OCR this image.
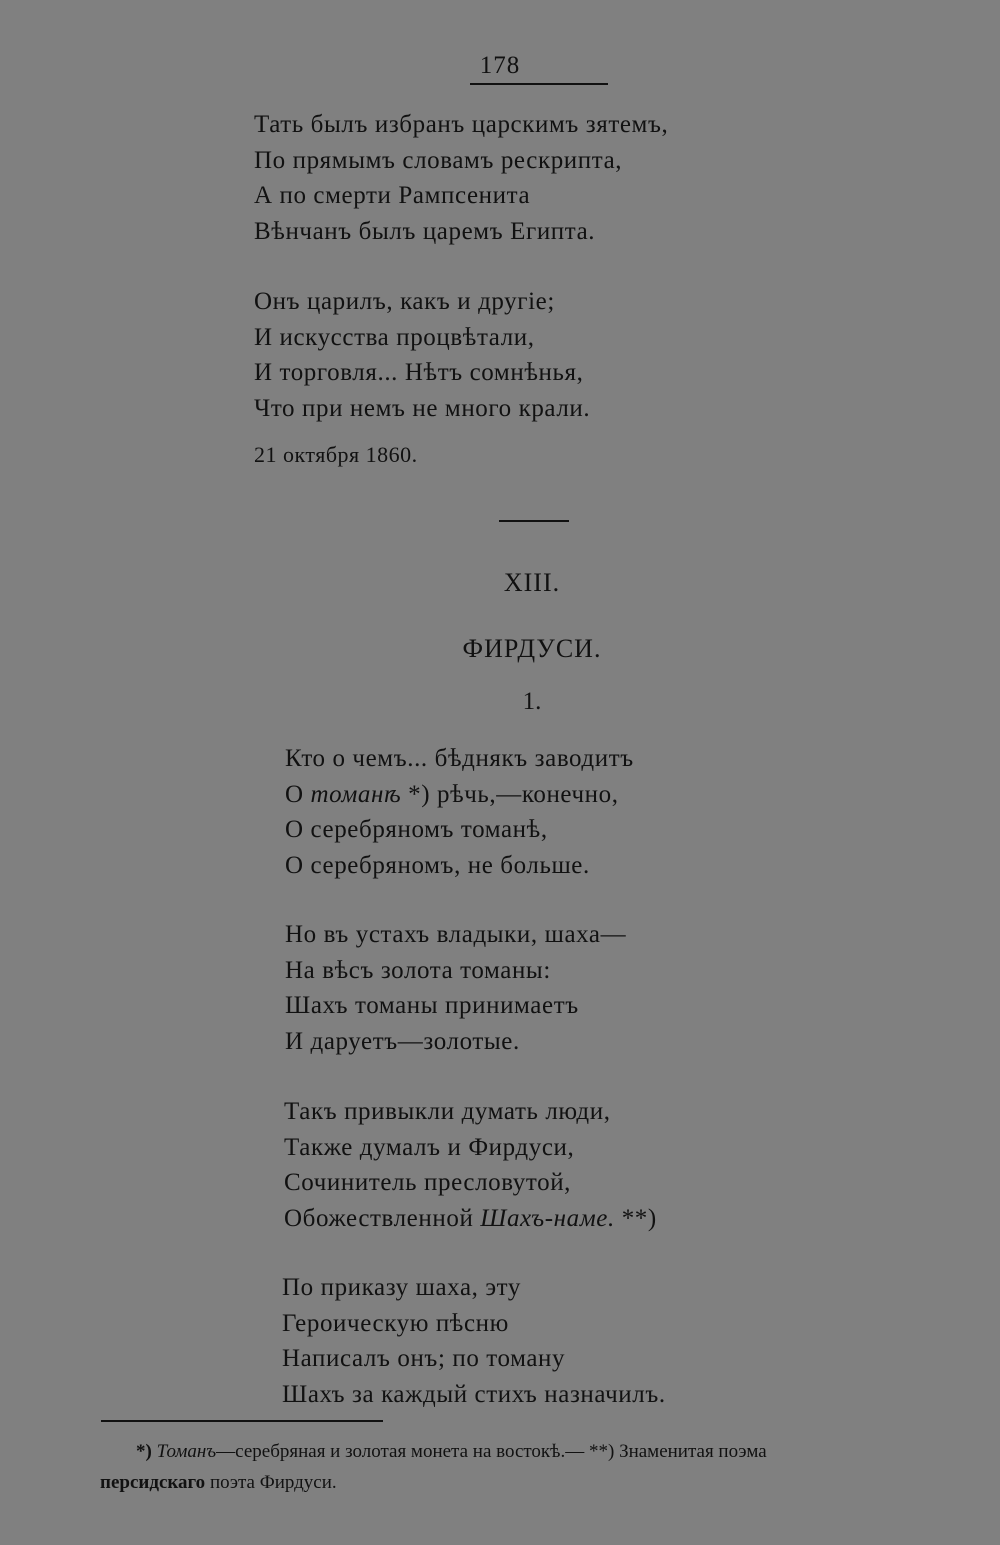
178
Тать былъ избранъ царскимъ зятемъ,
По прямымъ словамъ рескрипта,
А по смерти Рампсенита
Вѣнчанъ былъ царемъ Египта.
Онъ царилъ, какъ и другіе;
И искусства процвѣтали,
И торговля... Нѣтъ сомнѣнья,
Что при немъ не много крали.
21 октября 1860.
XIII.
ФИРДУСИ.
1.
Кто о чемъ... бѣднякъ заводитъ
О томанѣ *) рѣчь,—конечно,
О серебряномъ томанѣ,
О серебряномъ, не больше.
Но въ устахъ владыки, шаха—
На вѣсъ золота томаны:
Шахъ томаны принимаетъ
И даруетъ—золотые.
Такъ привыкли думать люди,
Также думалъ и Фирдуси,
Сочинитель пресловутой,
Обожествленной Шахъ-наме. **)
По приказу шаха, эту
Героическую пѣсню
Написалъ онъ; по томану
Шахъ за каждый стихъ назначилъ.
*) Томанъ—серебряная и золотая монета на востокѣ.— **) Знаменитая поэма
персидскаго поэта Фирдуси.
